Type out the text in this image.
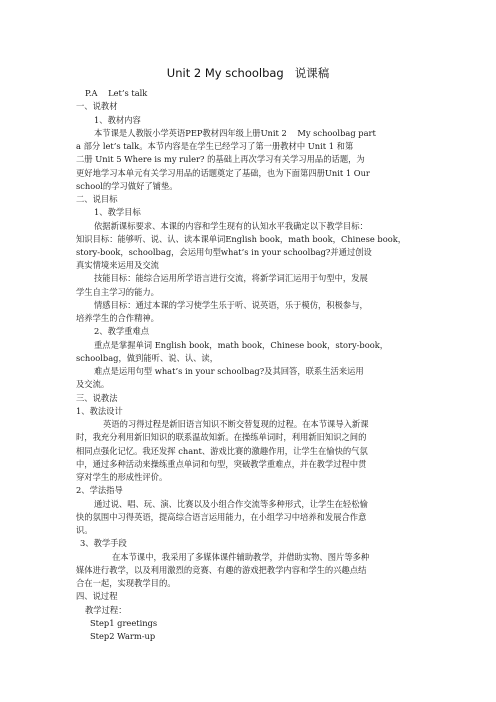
Unit 2 My schoolbag   说课稿
P.A    Let’s talk
一、说教材
1、教材内容
本节课是人教版小学英语PEP教材四年级上册Unit 2    My schoolbag part
a 部分 let’s talk。本节内容是在学生已经学习了第一册教材中 Unit 1 和第
二册 Unit 5 Where is my ruler? 的基础上再次学习有关学习用品的话题，为
更好地学习本单元有关学习用品的话题奠定了基础，也为下面第四册Unit 1 Our
school的学习做好了铺垫。
二、说目标
1、教学目标
依据新课标要求、本课的内容和学生现有的认知水平我确定以下教学目标：
知识目标：能够听、说、认、读本课单词English book，math book，Chinese book，
story-book，schoolbag，会运用句型what’s in your schoolbag?并通过创设
真实情境来运用及交流
技能目标：能综合运用所学语言进行交流，将新学词汇运用于句型中，发展
学生自主学习的能力。
情感目标：通过本课的学习使学生乐于听、说英语，乐于模仿，积极参与，
培养学生的合作精神。
2、教学重难点
重点是掌握单词 English book，math book，Chinese book，story-book，
schoolbag，做到能听、说、认、读，
难点是运用句型 what’s in your schoolbag?及其回答，联系生活来运用
及交流。
三、说教法
1、教法设计
英语的习得过程是新旧语言知识不断交替复现的过程。在本节课导入新课
时，我充分利用新旧知识的联系温故知新。在操练单词时，利用新旧知识之间的
相同点强化记忆。我还发挥 chant、游戏比赛的激趣作用，让学生在愉快的气氛
中，通过多种活动来操练重点单词和句型，突破教学重难点，并在教学过程中贯
穿对学生的形成性评价。
2、学法指导
通过说、唱、玩、演、比赛以及小组合作交流等多种形式，让学生在轻松愉
快的氛围中习得英语，提高综合语言运用能力，在小组学习中培养和发展合作意
识。
3、教学手段
在本节课中，我采用了多媒体课件辅助教学，并借助实物、图片等多种
媒体进行教学，以及利用激烈的竞赛、有趣的游戏把教学内容和学生的兴趣点结
合在一起，实现教学目的。
四、说过程
教学过程：
Step1 greetings
Step2 Warm-up
